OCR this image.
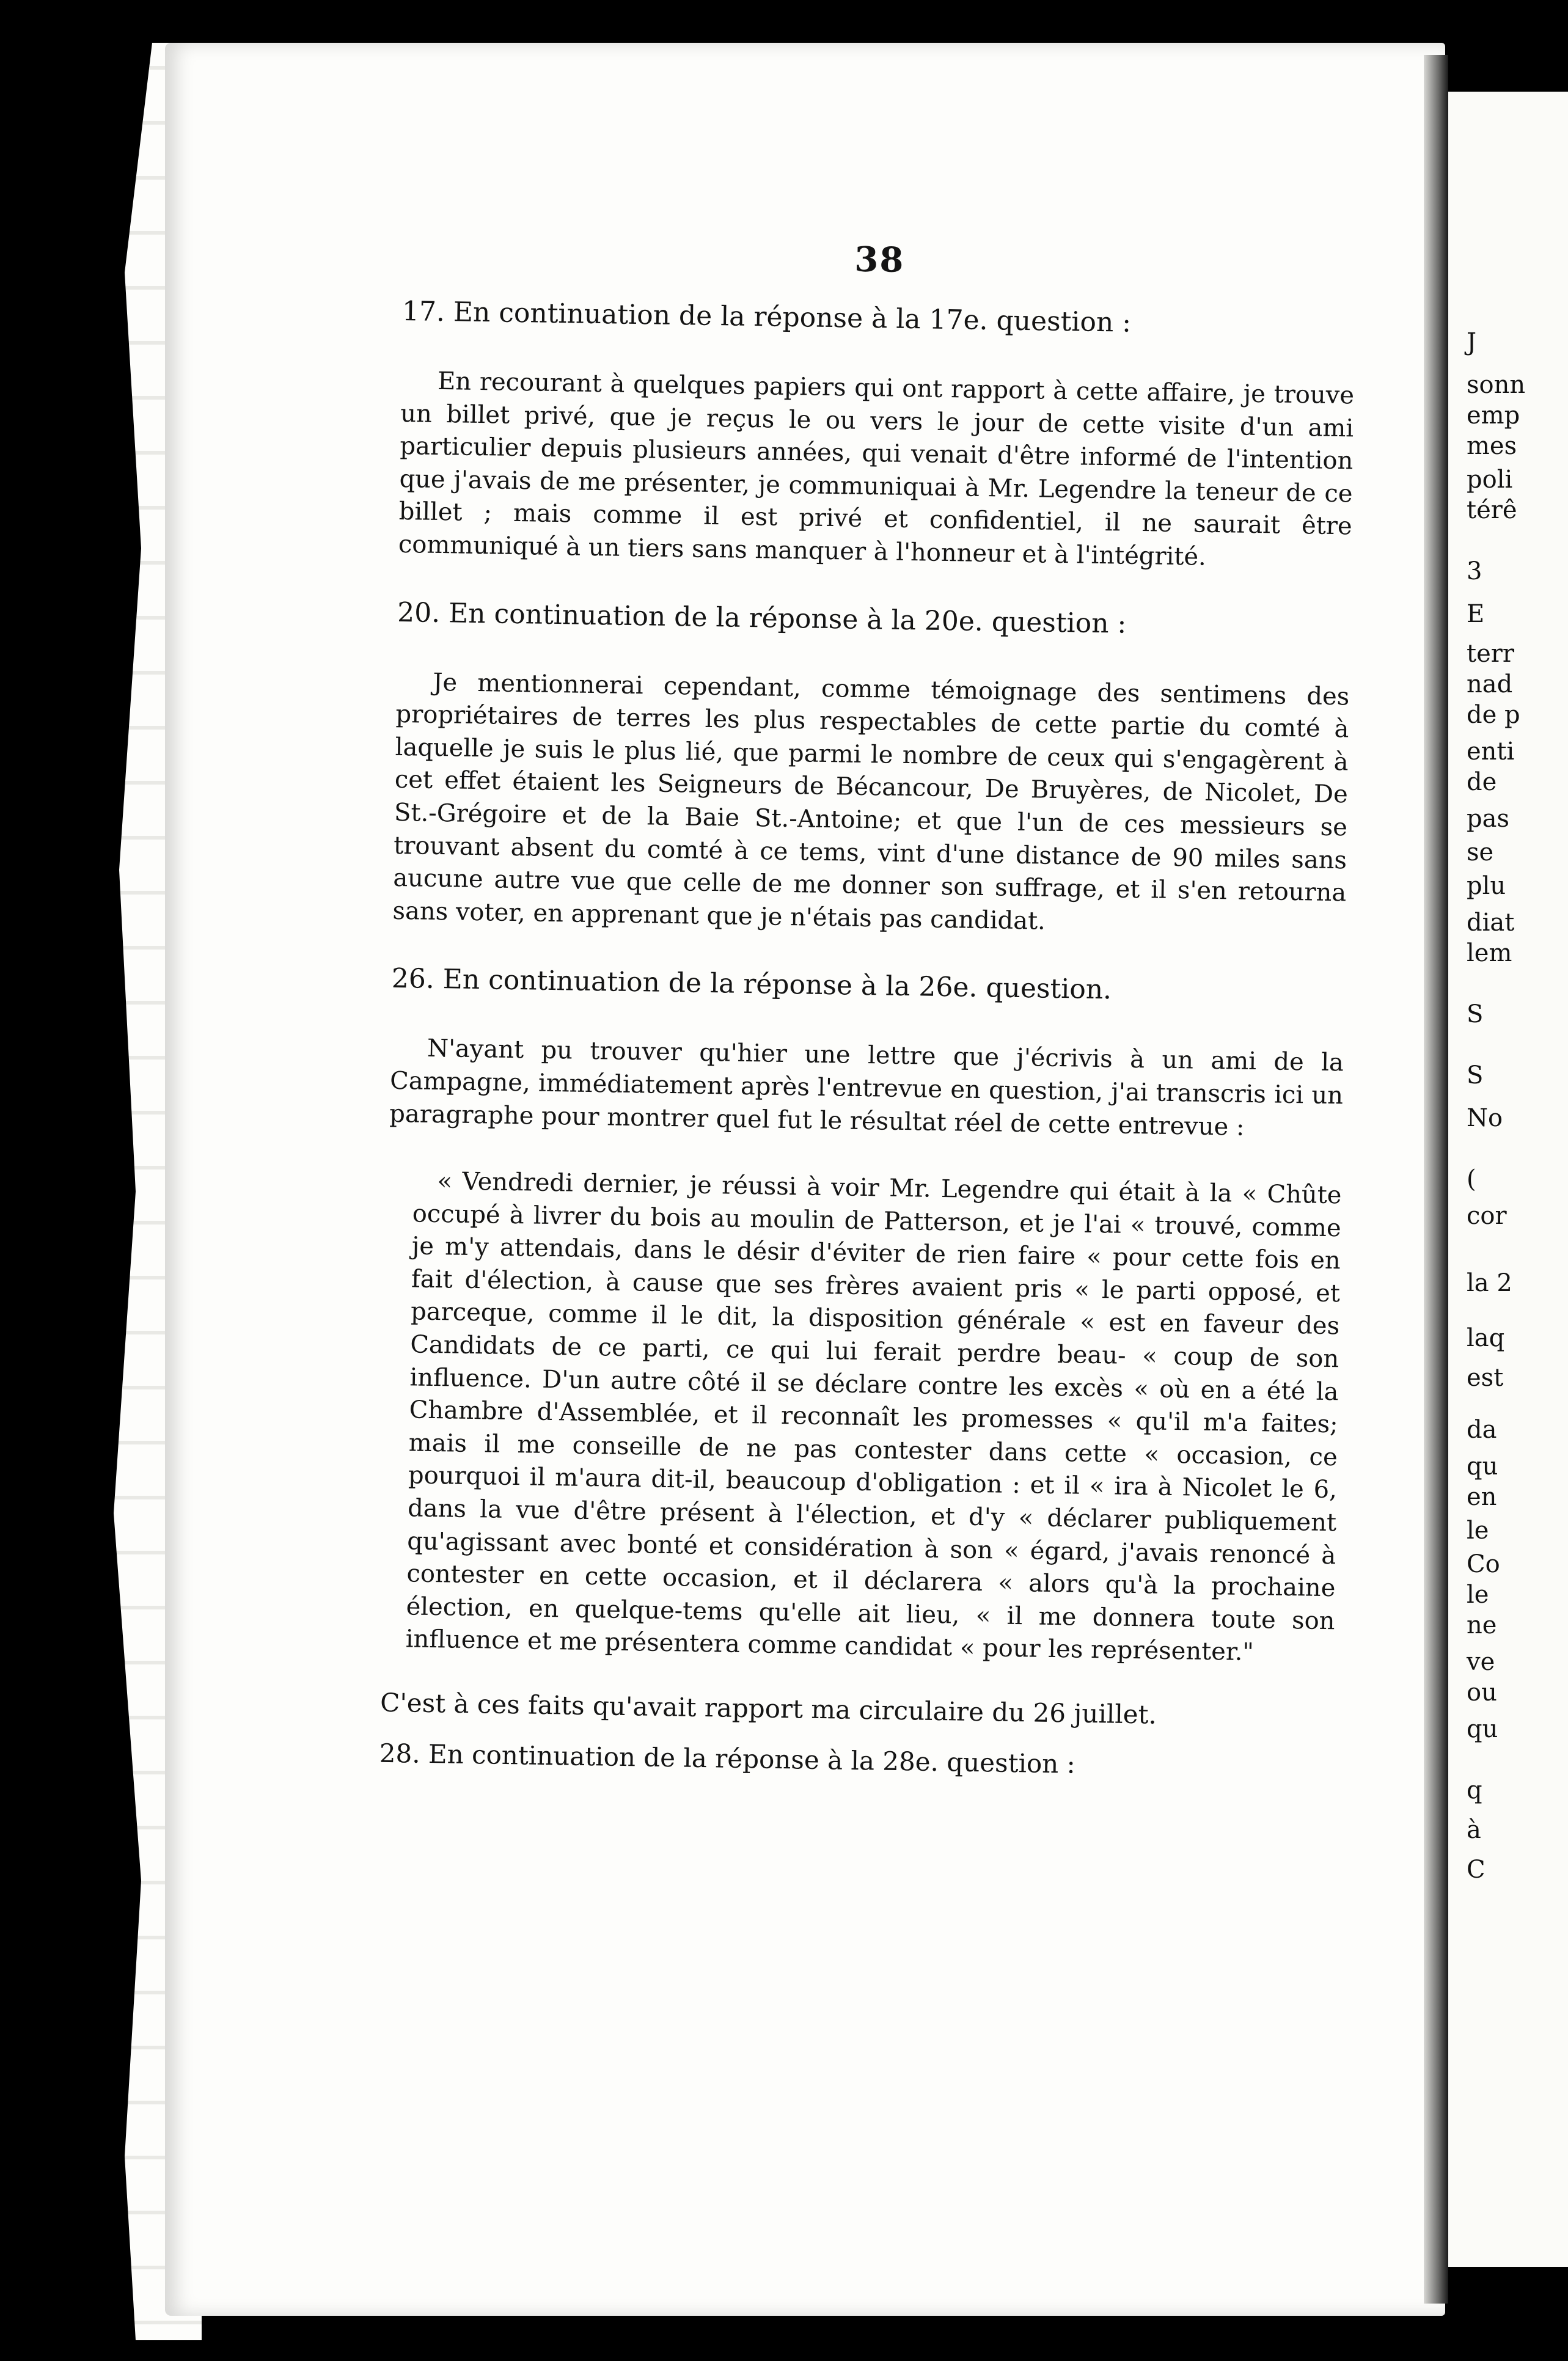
38
17. En continuation de la réponse à la 17e. question :
En recourant à quelques papiers qui ont rapport à cette affaire, je trouve un billet privé, que je reçus le ou vers le jour de cette visite d'un ami particulier depuis plusieurs années, qui venait d'être informé de l'intention que j'avais de me présenter, je communiquai à Mr. Legendre la teneur de ce billet ; mais comme il est privé et confidentiel, il ne saurait être communiqué à un tiers sans manquer à l'honneur et à l'intégrité.
20. En continuation de la réponse à la 20e. question :
Je mentionnerai cependant, comme témoignage des sentimens des propriétaires de terres les plus respectables de cette partie du comté à laquelle je suis le plus lié, que parmi le nombre de ceux qui s'engagèrent à cet effet étaient les Seigneurs de Bécancour, De Bruyères, de Nicolet, De St.-Grégoire et de la Baie St.-Antoine; et que l'un de ces messieurs se trouvant absent du comté à ce tems, vint d'une distance de 90 miles sans aucune autre vue que celle de me donner son suffrage, et il s'en retourna sans voter, en apprenant que je n'étais pas candidat.
26. En continuation de la réponse à la 26e. question.
N'ayant pu trouver qu'hier une lettre que j'écrivis à un ami de la Campagne, immédiatement après l'entrevue en question, j'ai transcris ici un paragraphe pour montrer quel fut le résultat réel de cette entrevue :
« Vendredi dernier, je réussi à voir Mr. Legendre qui était à la « Chûte occupé à livrer du bois au moulin de Patterson, et je l'ai « trouvé, comme je m'y attendais, dans le désir d'éviter de rien faire « pour cette fois en fait d'élection, à cause que ses frères avaient pris « le parti opposé, et parceque, comme il le dit, la disposition générale « est en faveur des Candidats de ce parti, ce qui lui ferait perdre beau- « coup de son influence. D'un autre côté il se déclare contre les excès « où en a été la Chambre d'Assemblée, et il reconnaît les promesses « qu'il m'a faites; mais il me conseille de ne pas contester dans cette « occasion, ce pourquoi il m'aura dit-il, beaucoup d'obligation : et il « ira à Nicolet le 6, dans la vue d'être présent à l'élection, et d'y « déclarer publiquement qu'agissant avec bonté et considération à son « égard, j'avais renoncé à contester en cette occasion, et il déclarera « alors qu'à la prochaine élection, en quelque-tems qu'elle ait lieu, « il me donnera toute son influence et me présentera comme candidat « pour les représenter."
C'est à ces faits qu'avait rapport ma circulaire du 26 juillet.
28. En continuation de la réponse à la 28e. question :
J
sonn
emp
mes
poli
térê
3
E
terr
nad
de p
enti
de
pas
se
plu
diat
lem
S
S
No
(
cor
la 2
laq
est
da
qu
en
le
Co
le
ne
ve
ou
qu
q
à
C
